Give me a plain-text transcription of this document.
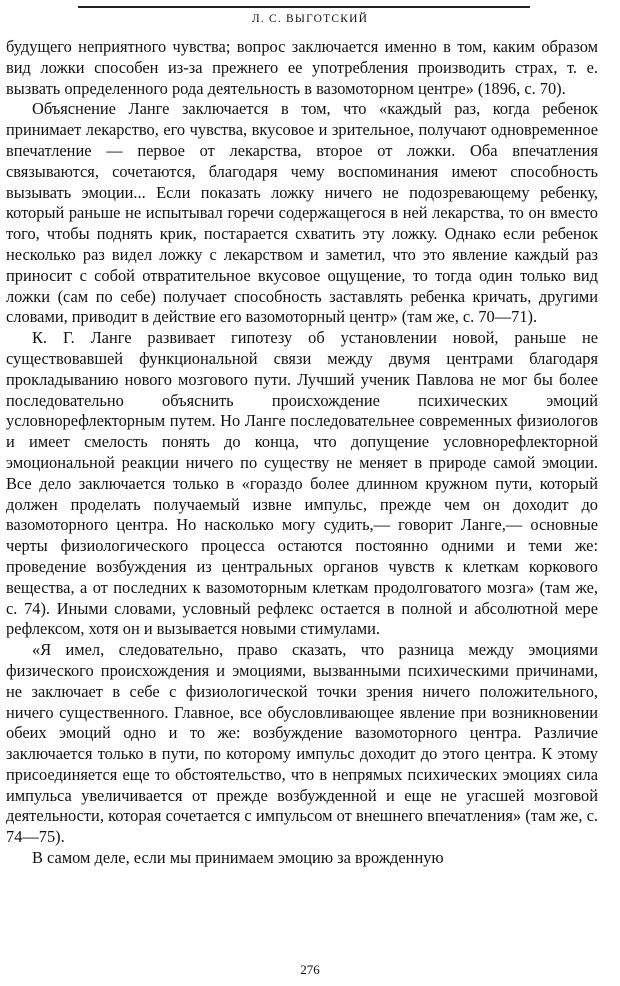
Л. С. ВЫГОТСКИЙ

будущего неприятного чувства; вопрос заключается именно в том, каким образом вид ложки способен из-за прежнего ее употребления производить страх, т. е. вызвать определенного рода деятельность в вазомоторном центре» (1896, с. 70).

Объяснение Ланге заключается в том, что «каждый раз, когда ребенок принимает лекарство, его чувства, вкусовое и зрительное, получают одновременное впечатление — первое от лекарства, второе от ложки. Оба впечатления связываются, сочетаются, благодаря чему воспоминания имеют способность вызывать эмоции... Если показать ложку ничего не подозревающему ребенку, который раньше не испытывал горечи содержащегося в ней лекарства, то он вместо того, чтобы поднять крик, постарается схватить эту ложку. Однако если ребенок несколько раз видел ложку с лекарством и заметил, что это явление каждый раз приносит с собой отвратительное вкусовое ощущение, то тогда один только вид ложки (сам по себе) получает способность заставлять ребенка кричать, другими словами, приводит в действие его вазомоторный центр» (там же, с. 70—71).

К. Г. Ланге развивает гипотезу об установлении новой, раньше не существовавшей функциональной связи между двумя центрами благодаря прокладыванию нового мозгового пути. Лучший ученик Павлова не мог бы более последовательно объяснить происхождение психических эмоций условнорефлекторным путем. Но Ланге последовательнее современных физиологов и имеет смелость понять до конца, что допущение условнорефлекторной эмоциональной реакции ничего по существу не меняет в природе самой эмоции. Все дело заключается только в «гораздо более длинном кружном пути, который должен проделать получаемый извне импульс, прежде чем он доходит до вазомоторного центра. Но насколько могу судить,— говорит Ланге,— основные черты физиологического процесса остаются постоянно одними и теми же: проведение возбуждения из центральных органов чувств к клеткам коркового вещества, а от последних к вазомоторным клеткам продолговатого мозга» (там же, с. 74). Иными словами, условный рефлекс остается в полной и абсолютной мере рефлексом, хотя он и вызывается новыми стимулами.

«Я имел, следовательно, право сказать, что разница между эмоциями физического происхождения и эмоциями, вызванными психическими причинами, не заключает в себе с физиологической точки зрения ничего положительного, ничего существенного. Главное, все обусловливающее явление при возникновении обеих эмоций одно и то же: возбуждение вазомоторного центра. Различие заключается только в пути, по которому импульс доходит до этого центра. К этому присоединяется еще то обстоятельство, что в непрямых психических эмоциях сила импульса увеличивается от прежде возбужденной и еще не угасшей мозговой деятельности, которая сочетается с импульсом от внешнего впечатления» (там же, с. 74—75).

В самом деле, если мы принимаем эмоцию за врожденную

276
